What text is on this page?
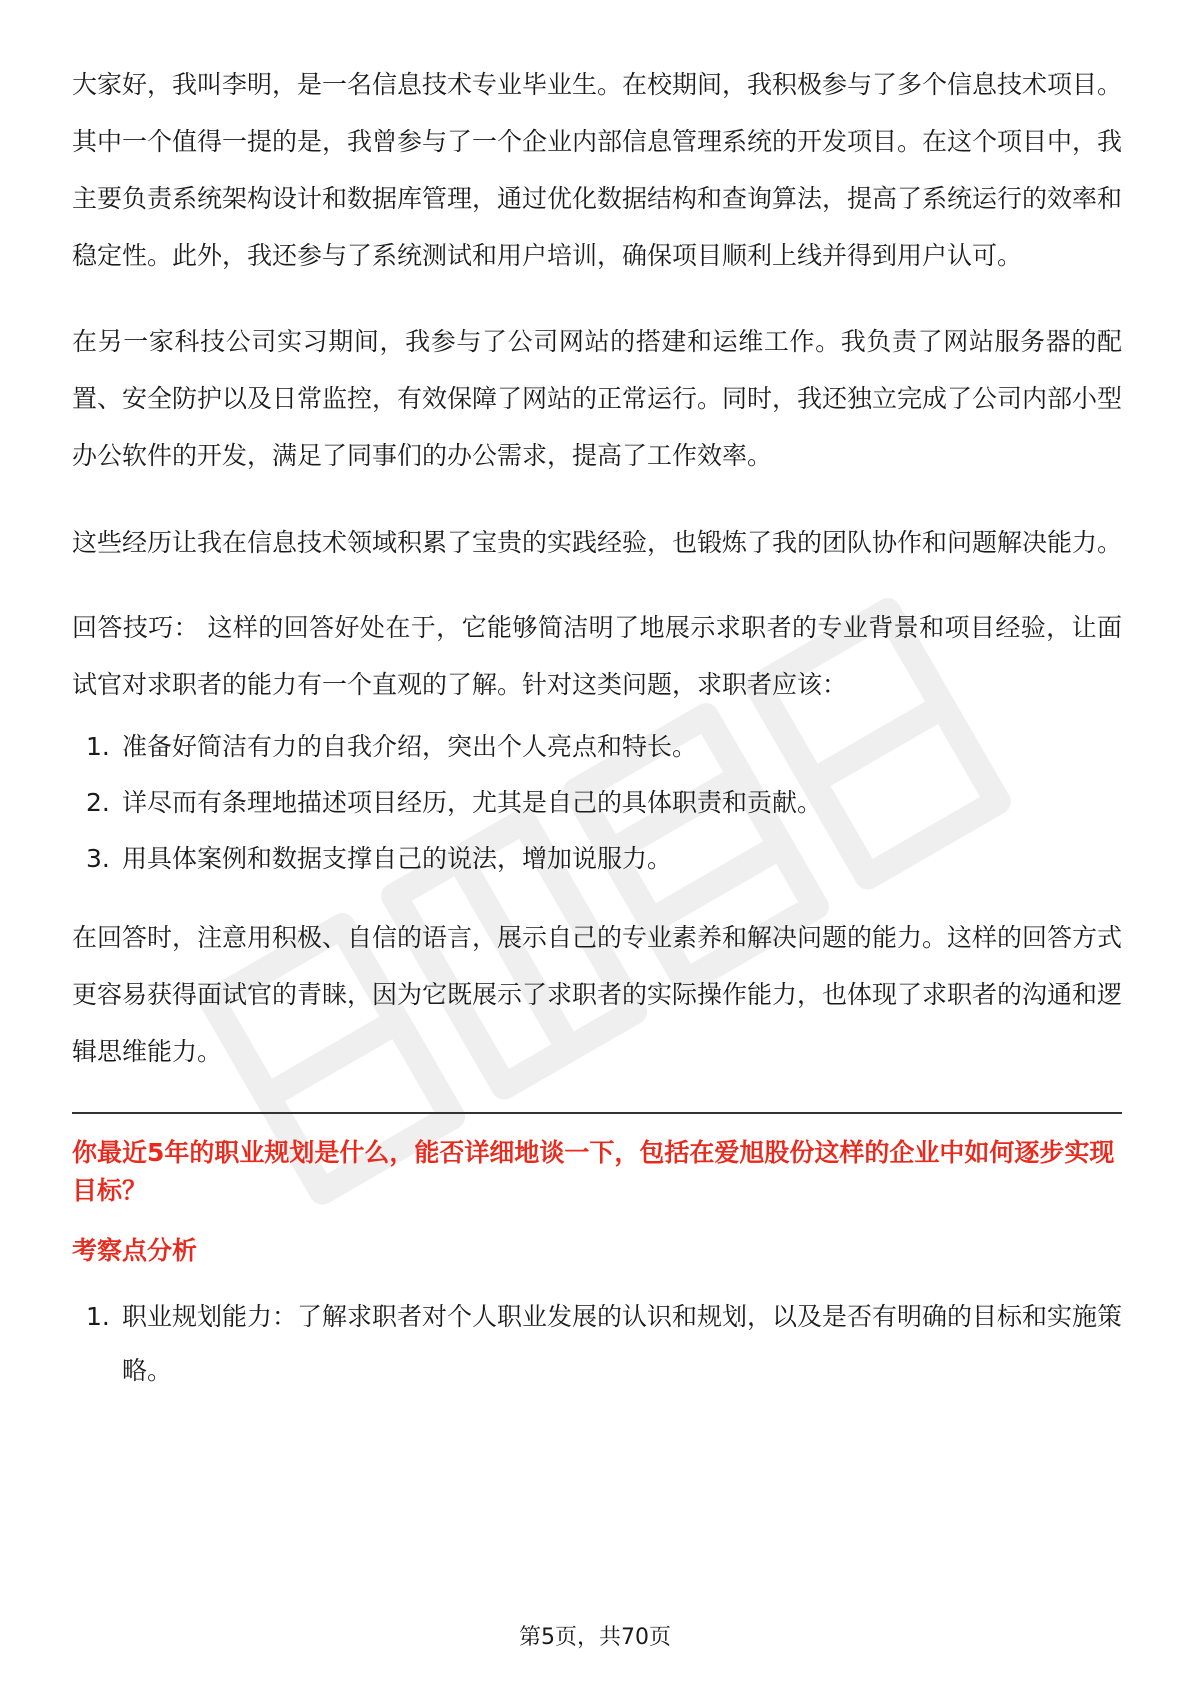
大家好，我叫李明，是一名信息技术专业毕业生。在校期间，我积极参与了多个信息技术项目。其中一个值得一提的是，我曾参与了一个企业内部信息管理系统的开发项目。在这个项目中，我主要负责系统架构设计和数据库管理，通过优化数据结构和查询算法，提高了系统运行的效率和稳定性。此外，我还参与了系统测试和用户培训，确保项目顺利上线并得到用户认可。

在另一家科技公司实习期间，我参与了公司网站的搭建和运维工作。我负责了网站服务器的配置、安全防护以及日常监控，有效保障了网站的正常运行。同时，我还独立完成了公司内部小型办公软件的开发，满足了同事们的办公需求，提高了工作效率。

这些经历让我在信息技术领域积累了宝贵的实践经验，也锻炼了我的团队协作和问题解决能力。

回答技巧： 这样的回答好处在于，它能够简洁明了地展示求职者的专业背景和项目经验，让面试官对求职者的能力有一个直观的了解。针对这类问题，求职者应该：

1. 准备好简洁有力的自我介绍，突出个人亮点和特长。
2. 详尽而有条理地描述项目经历，尤其是自己的具体职责和贡献。
3. 用具体案例和数据支撑自己的说法，增加说服力。

在回答时，注意用积极、自信的语言，展示自己的专业素养和解决问题的能力。这样的回答方式更容易获得面试官的青睐，因为它既展示了求职者的实际操作能力，也体现了求职者的沟通和逻辑思维能力。

你最近5年的职业规划是什么，能否详细地谈一下，包括在爱旭股份这样的企业中如何逐步实现目标？

考察点分析

1. 职业规划能力：了解求职者对个人职业发展的认识和规划，以及是否有明确的目标和实施策略。
第5页，共70页
